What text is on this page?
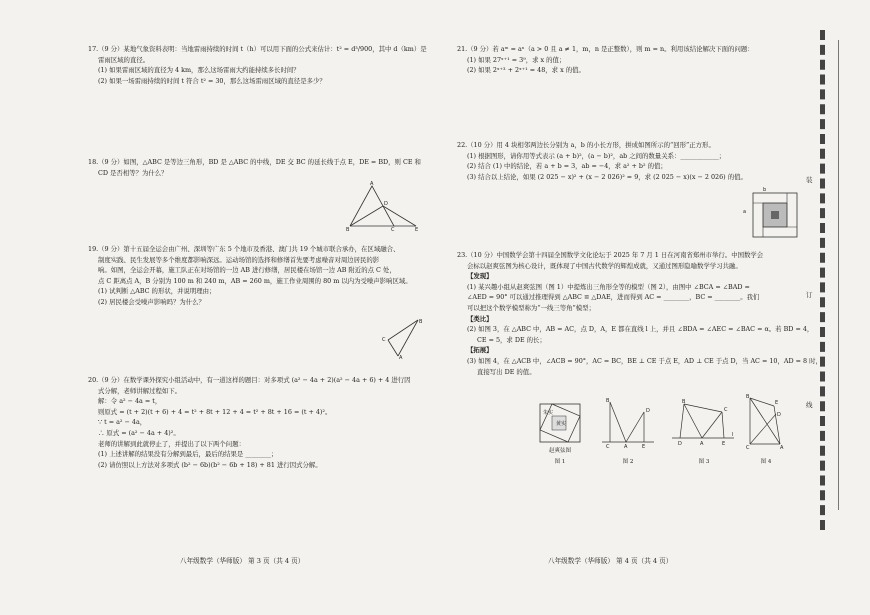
17.（9 分）某地气象资料表明：当地雷雨持续的时间 t（h）可以用下面的公式来估计：t² = d³/900，其中 d（km）是

雷雨区域的直径。

(1) 如果雷雨区域的直径为 4 km，那么这场雷雨大约能持续多长时间？

(2) 如果一场雷雨持续的时间 t 符合 t² = 30，那么这场雷雨区域的直径是多少？

18.（9 分）如图，△ABC 是等边三角形，BD 是 △ABC 的中线，DE 交 BC 的延长线于点 E，DE = BD，则 CE 和

CD 是否相等？为什么？

19.（9 分）第十五届全运会由广州、深圳等广东 5 个地市及香港、澳门共 19 个城市联合承办，在区域融合、

制度实践、民生发展等多个维度都影响深远。运动场馆的选择和修缮首先要考虑噪音对周边居民的影

响。如图，全运会开幕，施工队正在对场馆的一边 AB 进行修缮，居民楼在场馆一边 AB 附近的点 C 处，

点 C 距离点 A，B 分别为 100 m 和 240 m，AB = 260 m，施工作业周围的 80 m 以内为受噪声影响区域。

(1) 试判断 △ABC 的形状，并说明理由；

(2) 居民楼会受噪声影响吗？为什么？

20.（9 分）在数学课外探究小组活动中，有一道这样的题目：对多项式 (a² − 4a + 2)(a² − 4a + 6) + 4 进行因

式分解，老师讲解过程如下。

解：令 a² − 4a = t，

则原式 = (t + 2)(t + 6) + 4 = t² + 8t + 12 + 4 = t² + 8t + 16 = (t + 4)²。

∵ t = a² − 4a，

∴ 原式 = (a² − 4a + 4)²。

老师的讲解到此就停止了，并提出了以下两个问题：

(1) 上述讲解的结果没有分解到最后，最后的结果是 ________；

(2) 请仿照以上方法对多项式 (b² − 6b)(b² − 6b + 18) + 81 进行因式分解。

A
B	C
D
E
B
C
A
八年级数学（华师版） 第 3 页（共 4 页）

21.（9 分）若 aᵐ = aⁿ（a > 0 且 a ≠ 1，m，n 是正整数），则 m = n。利用该结论解决下面的问题：

(1) 如果 27ˣ⁺¹ = 3⁹，求 x 的值；

(2) 如果 2ˣ⁺³ + 2ˣ⁺¹ = 48，求 x 的值。

22.（10 分）用 4 块相邻两边长分别为 a，b 的小长方形，拼成如图所示的“回形”正方形。

(1) 根据图形，请你用等式表示 (a + b)²，(a − b)²，ab 之间的数量关系：____________；

(2) 结合 (1) 中的结论，若 a + b = 3，ab = −4，求 a² + b² 的值；

(3) 结合以上结论，如果 (2 025 − x)² + (x − 2 026)² = 9，求 (2 025 − x)(x − 2 026) 的值。

23.（10 分）中国数学会第十四届全国数学文化论坛于 2025 年 7 月 1 日在河南省郑州市举行。中国数学会

会标以赵爽弦图为核心设计，既体现了中国古代数学的辉煌成就，又通过图形隐喻数学学习共融。

【发现】

(1) 某兴趣小组从赵爽弦图（图 1）中提炼出三角形全等的模型（图 2），由图中 ∠BCA = ∠BAD =

∠AED = 90° 可以通过推理得到 △ABC ≌ △DAE，进而得到 AC = ________，BC = ________。我们

可以把这个数学模型称为“一线三等角”模型；

【类比】

(2) 如图 3，在 △ABC 中，AB = AC，点 D，A，E 都在直线 l 上，并且 ∠BDA = ∠AEC = ∠BAC = α。若 BD = 4，

CE = 5，求 DE 的长；

【拓展】

(3) 如图 4，在 △ACB 中，∠ACB = 90°，AC = BC，BE ⊥ CE 于点 E，AD ⊥ CE 于点 D，当 AC = 10，AD = 8 时，

直接写出 DE 的值。

a
b
朱实
黄实
赵爽弦图
图 1
B
C	A	E
D
图 2
B
C
D	A	E
l
图 3
B
E
D
C	A
图 4
八年级数学（华师版） 第 4 页（共 4 页）
装
订
线
